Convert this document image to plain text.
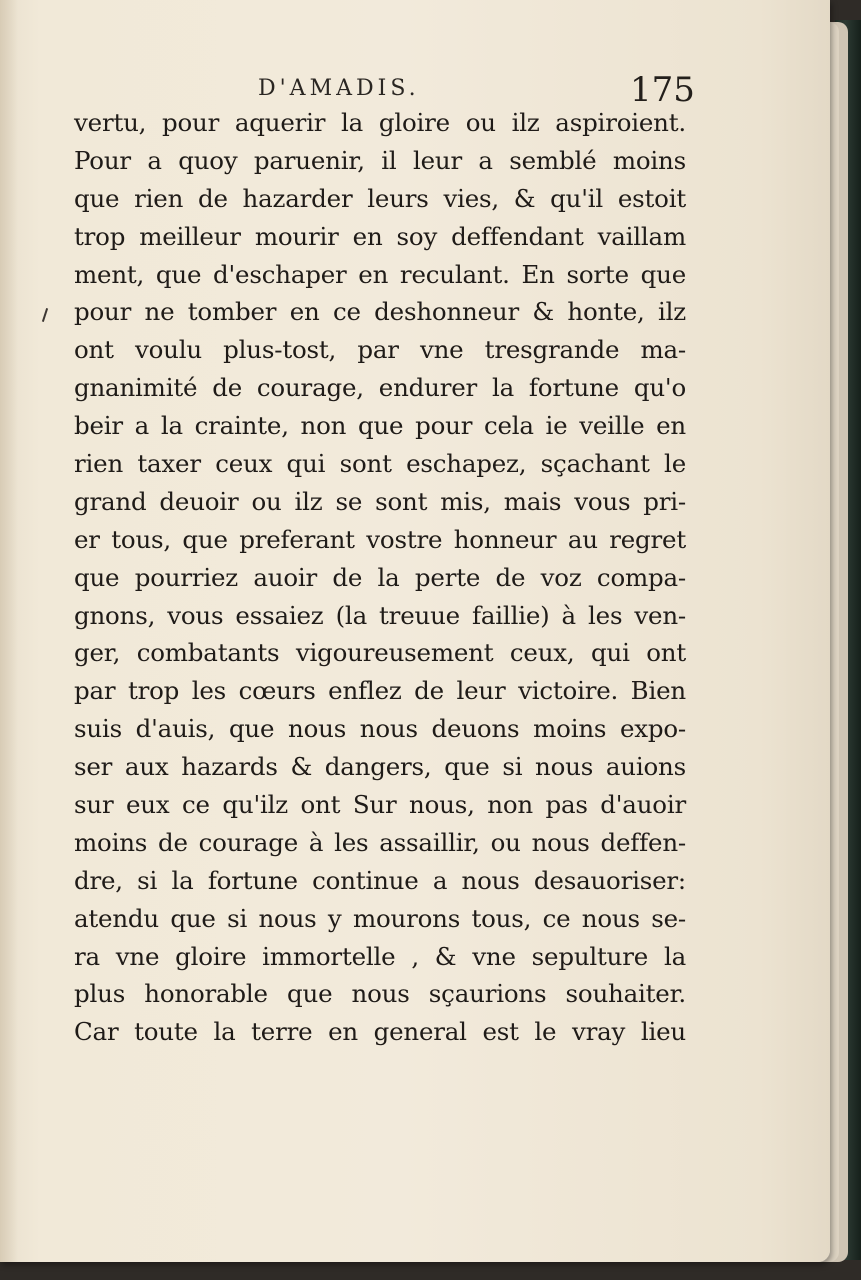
D'AMADIS.	175
vertu, pour aquerir la gloire ou ilz aspiroient.
Pour a quoy paruenir, il leur a semblé moins
que rien de hazarder leurs vies, & qu'il estoit
trop meilleur mourir en soy deffendant vaillam
ment, que d'eschaper en reculant. En sorte que
pour ne tomber en ce deshonneur & honte, ilz
ont voulu plus-tost, par vne tresgrande ma-
gnanimité de courage, endurer la fortune qu'o
beir a la crainte, non que pour cela ie veille en
rien taxer ceux qui sont eschapez, sçachant le
grand deuoir ou ilz se sont mis, mais vous pri-
er tous, que preferant vostre honneur au regret
que pourriez auoir de la perte de voz compa-
gnons, vous essaiez (la treuue faillie) à les ven-
ger, combatants vigoureusement ceux, qui ont
par trop les cœurs enflez de leur victoire. Bien
suis d'auis, que nous nous deuons moins expo-
ser aux hazards & dangers, que si nous auions
sur eux ce qu'ilz ont Sur nous, non pas d'auoir
moins de courage à les assaillir, ou nous deffen-
dre, si la fortune continue a nous desauoriser:
atendu que si nous y mourons tous, ce nous se-
ra vne gloire immortelle , & vne sepulture la
plus honorable que nous sçaurions souhaiter.
Car toute la terre en general est le vray lieu
